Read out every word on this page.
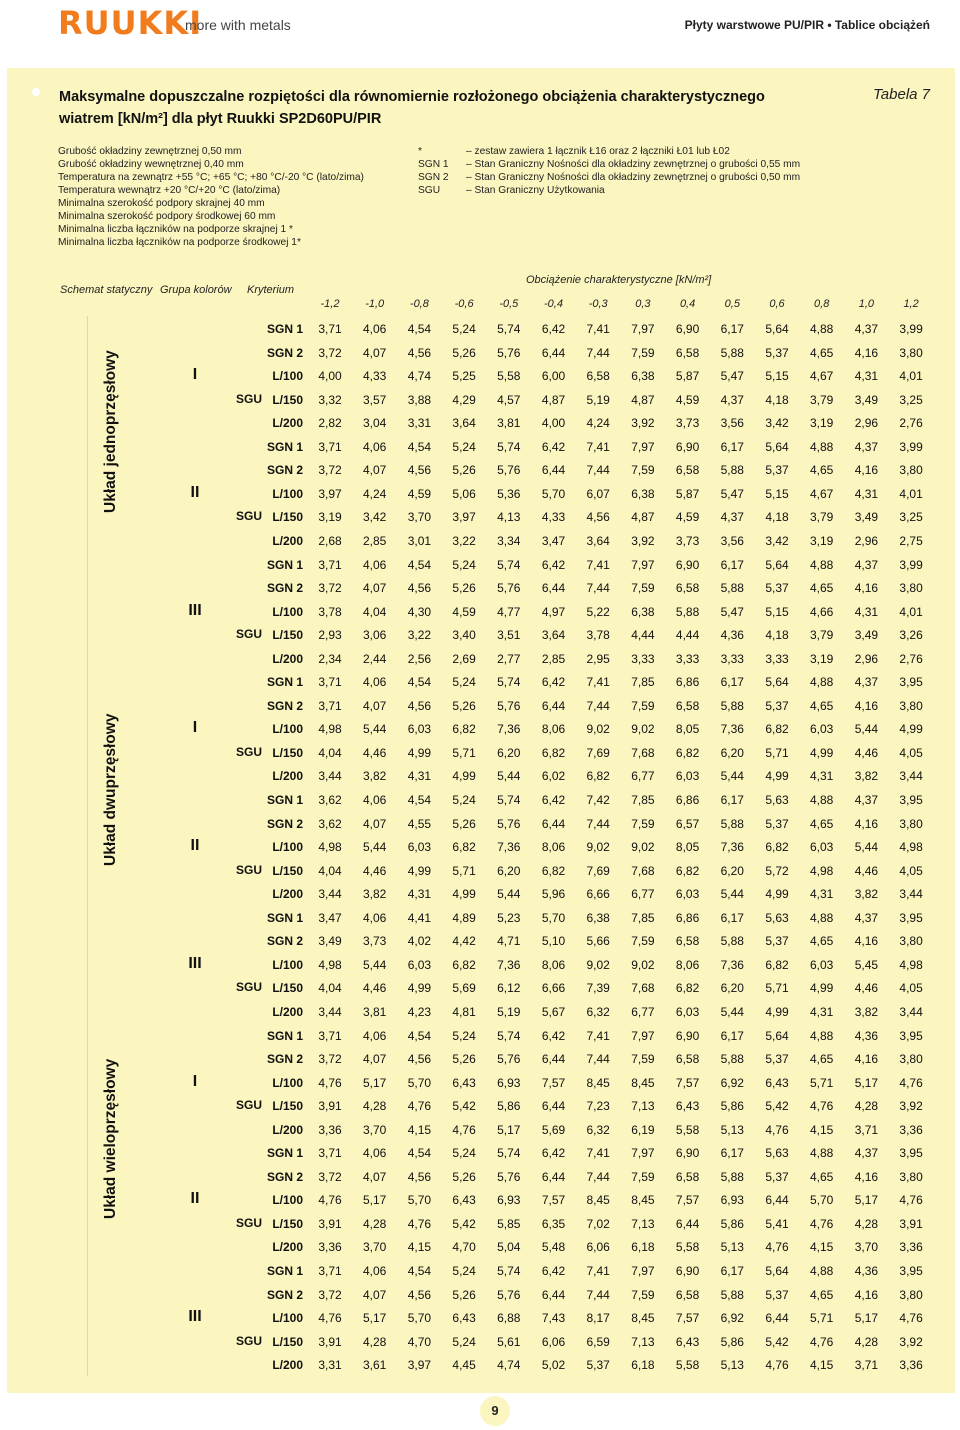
RUUKKI
more with metals	Płyty warstwowe PU/PIR • Tablice obciążeń
Maksymalne dopuszczalne rozpiętości dla równomiernie rozłożonego obciążenia charakterystycznego
wiatrem [kN/m²] dla płyt Ruukki SP2D60PU/PIR
Tabela 7
Grubość okładziny zewnętrznej 0,50 mm
Grubość okładziny wewnętrznej 0,40 mm
Temperatura na zewnątrz +55 °C; +65 °C; +80 °C/-20 °C (lato/zima)
Temperatura wewnątrz +20 °C/+20 °C (lato/zima)
Minimalna szerokość podpory skrajnej 40 mm
Minimalna szerokość podpory środkowej 60 mm
Minimalna liczba łączników na podporze skrajnej 1 *
Minimalna liczba łączników na podporze środkowej 1*
*	– zestaw zawiera 1 łącznik Ł16 oraz 2 łączniki Ł01 lub Ł02
SGN 1	– Stan Graniczny Nośności dla okładziny zewnętrznej o grubości 0,55 mm
SGN 2	– Stan Graniczny Nośności dla okładziny zewnętrznej o grubości 0,50 mm
SGU	– Stan Graniczny Użytkowania
Schemat statyczny Grupa kolorów Kryterium
Obciążenie charakterystyczne [kN/m²]
-1,2	-1,0	-0,8	-0,6	-0,5	-0,4	-0,3	0,3	0,4	0,5	0,6	0,8	1,0	1,2
I
SGU
SGN 1	3,71	4,06	4,54	5,24	5,74	6,42	7,41	7,97	6,90	6,17	5,64	4,88	4,37	3,99
SGN 2	3,72	4,07	4,56	5,26	5,76	6,44	7,44	7,59	6,58	5,88	5,37	4,65	4,16	3,80
L/100	4,00	4,33	4,74	5,25	5,58	6,00	6,58	6,38	5,87	5,47	5,15	4,67	4,31	4,01
L/150	3,32	3,57	3,88	4,29	4,57	4,87	5,19	4,87	4,59	4,37	4,18	3,79	3,49	3,25
L/200	2,82	3,04	3,31	3,64	3,81	4,00	4,24	3,92	3,73	3,56	3,42	3,19	2,96	2,76
II
SGU
SGN 1	3,71	4,06	4,54	5,24	5,74	6,42	7,41	7,97	6,90	6,17	5,64	4,88	4,37	3,99
SGN 2	3,72	4,07	4,56	5,26	5,76	6,44	7,44	7,59	6,58	5,88	5,37	4,65	4,16	3,80
L/100	3,97	4,24	4,59	5,06	5,36	5,70	6,07	6,38	5,87	5,47	5,15	4,67	4,31	4,01
L/150	3,19	3,42	3,70	3,97	4,13	4,33	4,56	4,87	4,59	4,37	4,18	3,79	3,49	3,25
L/200	2,68	2,85	3,01	3,22	3,34	3,47	3,64	3,92	3,73	3,56	3,42	3,19	2,96	2,75
III
SGU
SGN 1	3,71	4,06	4,54	5,24	5,74	6,42	7,41	7,97	6,90	6,17	5,64	4,88	4,37	3,99
SGN 2	3,72	4,07	4,56	5,26	5,76	6,44	7,44	7,59	6,58	5,88	5,37	4,65	4,16	3,80
L/100	3,78	4,04	4,30	4,59	4,77	4,97	5,22	6,38	5,88	5,47	5,15	4,66	4,31	4,01
L/150	2,93	3,06	3,22	3,40	3,51	3,64	3,78	4,44	4,44	4,36	4,18	3,79	3,49	3,26
L/200	2,34	2,44	2,56	2,69	2,77	2,85	2,95	3,33	3,33	3,33	3,33	3,19	2,96	2,76
I
SGU
SGN 1	3,71	4,06	4,54	5,24	5,74	6,42	7,41	7,85	6,86	6,17	5,64	4,88	4,37	3,95
SGN 2	3,71	4,07	4,56	5,26	5,76	6,44	7,44	7,59	6,58	5,88	5,37	4,65	4,16	3,80
L/100	4,98	5,44	6,03	6,82	7,36	8,06	9,02	9,02	8,05	7,36	6,82	6,03	5,44	4,99
L/150	4,04	4,46	4,99	5,71	6,20	6,82	7,69	7,68	6,82	6,20	5,71	4,99	4,46	4,05
L/200	3,44	3,82	4,31	4,99	5,44	6,02	6,82	6,77	6,03	5,44	4,99	4,31	3,82	3,44
II
SGU
SGN 1	3,62	4,06	4,54	5,24	5,74	6,42	7,42	7,85	6,86	6,17	5,63	4,88	4,37	3,95
SGN 2	3,62	4,07	4,55	5,26	5,76	6,44	7,44	7,59	6,57	5,88	5,37	4,65	4,16	3,80
L/100	4,98	5,44	6,03	6,82	7,36	8,06	9,02	9,02	8,05	7,36	6,82	6,03	5,44	4,98
L/150	4,04	4,46	4,99	5,71	6,20	6,82	7,69	7,68	6,82	6,20	5,72	4,98	4,46	4,05
L/200	3,44	3,82	4,31	4,99	5,44	5,96	6,66	6,77	6,03	5,44	4,99	4,31	3,82	3,44
III
SGU
SGN 1	3,47	4,06	4,41	4,89	5,23	5,70	6,38	7,85	6,86	6,17	5,63	4,88	4,37	3,95
SGN 2	3,49	3,73	4,02	4,42	4,71	5,10	5,66	7,59	6,58	5,88	5,37	4,65	4,16	3,80
L/100	4,98	5,44	6,03	6,82	7,36	8,06	9,02	9,02	8,06	7,36	6,82	6,03	5,45	4,98
L/150	4,04	4,46	4,99	5,69	6,12	6,66	7,39	7,68	6,82	6,20	5,71	4,99	4,46	4,05
L/200	3,44	3,81	4,23	4,81	5,19	5,67	6,32	6,77	6,03	5,44	4,99	4,31	3,82	3,44
I
SGU
SGN 1	3,71	4,06	4,54	5,24	5,74	6,42	7,41	7,97	6,90	6,17	5,64	4,88	4,36	3,95
SGN 2	3,72	4,07	4,56	5,26	5,76	6,44	7,44	7,59	6,58	5,88	5,37	4,65	4,16	3,80
L/100	4,76	5,17	5,70	6,43	6,93	7,57	8,45	8,45	7,57	6,92	6,43	5,71	5,17	4,76
L/150	3,91	4,28	4,76	5,42	5,86	6,44	7,23	7,13	6,43	5,86	5,42	4,76	4,28	3,92
L/200	3,36	3,70	4,15	4,76	5,17	5,69	6,32	6,19	5,58	5,13	4,76	4,15	3,71	3,36
II
SGU
SGN 1	3,71	4,06	4,54	5,24	5,74	6,42	7,41	7,97	6,90	6,17	5,63	4,88	4,37	3,95
SGN 2	3,72	4,07	4,56	5,26	5,76	6,44	7,44	7,59	6,58	5,88	5,37	4,65	4,16	3,80
L/100	4,76	5,17	5,70	6,43	6,93	7,57	8,45	8,45	7,57	6,93	6,44	5,70	5,17	4,76
L/150	3,91	4,28	4,76	5,42	5,85	6,35	7,02	7,13	6,44	5,86	5,41	4,76	4,28	3,91
L/200	3,36	3,70	4,15	4,70	5,04	5,48	6,06	6,18	5,58	5,13	4,76	4,15	3,70	3,36
III
SGU
SGN 1	3,71	4,06	4,54	5,24	5,74	6,42	7,41	7,97	6,90	6,17	5,64	4,88	4,36	3,95
SGN 2	3,72	4,07	4,56	5,26	5,76	6,44	7,44	7,59	6,58	5,88	5,37	4,65	4,16	3,80
L/100	4,76	5,17	5,70	6,43	6,88	7,43	8,17	8,45	7,57	6,92	6,44	5,71	5,17	4,76
L/150	3,91	4,28	4,70	5,24	5,61	6,06	6,59	7,13	6,43	5,86	5,42	4,76	4,28	3,92
L/200	3,31	3,61	3,97	4,45	4,74	5,02	5,37	6,18	5,58	5,13	4,76	4,15	3,71	3,36
9
